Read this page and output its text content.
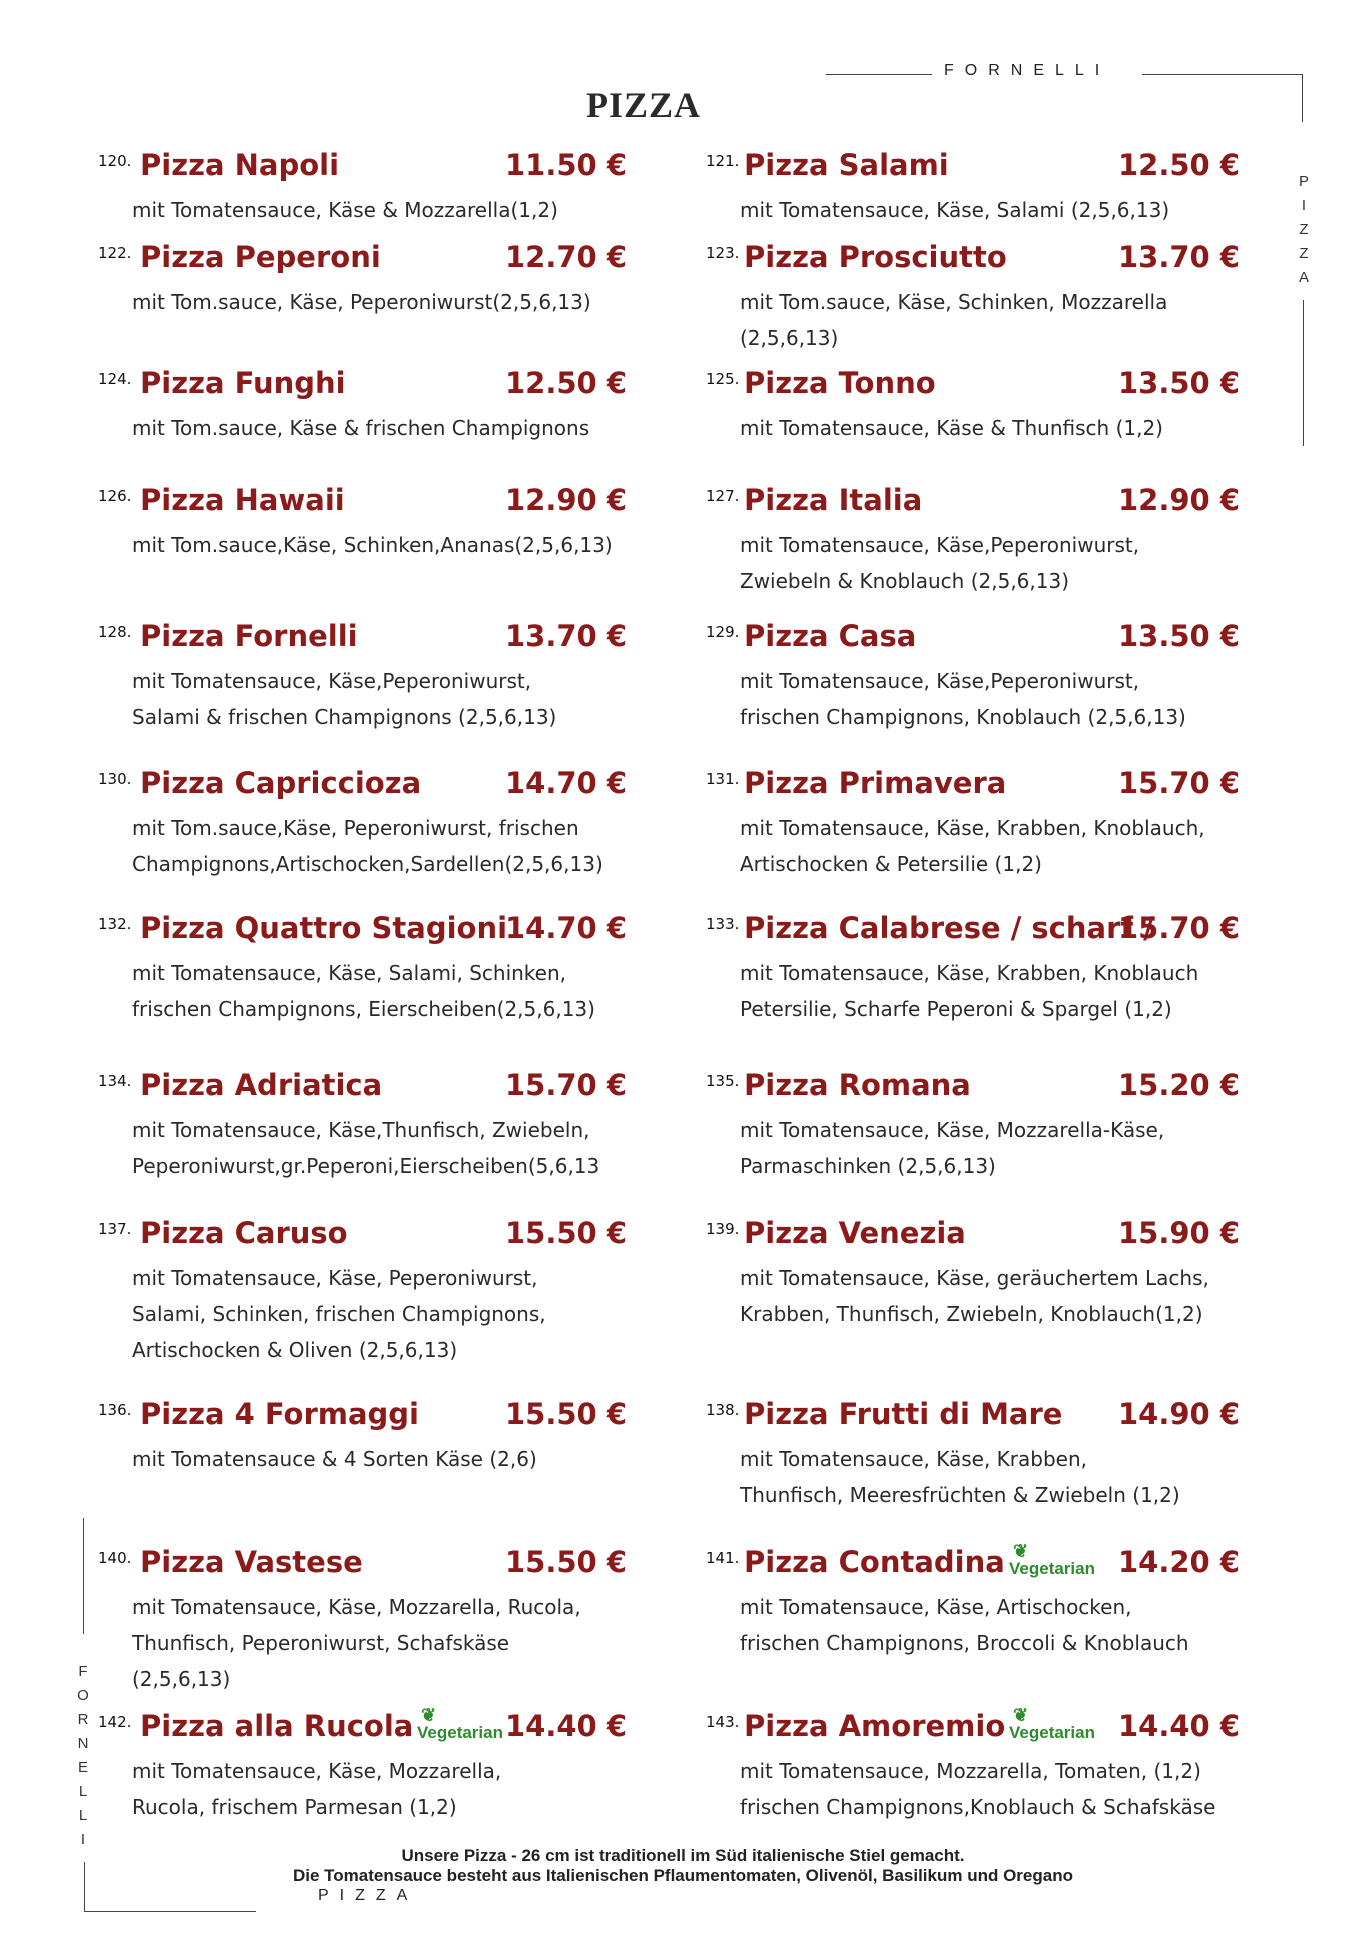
FORNELLI
PIZZA
P
I
Z
Z
A
F
O
R
N
E
L
L
I
PIZZA
120. Pizza Napoli	11.50 €
mit Tomatensauce, Käse & Mozzarella(1,2)
121. Pizza Salami	12.50 €
mit Tomatensauce, Käse, Salami (2,5,6,13)
122. Pizza Peperoni	12.70 €
mit Tom.sauce, Käse, Peperoniwurst(2,5,6,13)
123. Pizza Prosciutto	13.70 €
mit Tom.sauce, Käse, Schinken, Mozzarella
(2,5,6,13)
124. Pizza Funghi	12.50 €
mit Tom.sauce, Käse & frischen Champignons
125. Pizza Tonno	13.50 €
mit Tomatensauce, Käse & Thunfisch (1,2)
126. Pizza Hawaii	12.90 €
mit Tom.sauce,Käse, Schinken,Ananas(2,5,6,13)
127. Pizza Italia	12.90 €
mit Tomatensauce, Käse,Peperoniwurst,
Zwiebeln & Knoblauch (2,5,6,13)
128. Pizza Fornelli	13.70 €
mit Tomatensauce, Käse,Peperoniwurst,
Salami & frischen Champignons (2,5,6,13)
129. Pizza Casa	13.50 €
mit Tomatensauce, Käse,Peperoniwurst,
frischen Champignons, Knoblauch (2,5,6,13)
130. Pizza Capriccioza	14.70 €
mit Tom.sauce,Käse, Peperoniwurst, frischen
Champignons,Artischocken,Sardellen(2,5,6,13)
131. Pizza Primavera	15.70 €
mit Tomatensauce, Käse, Krabben, Knoblauch,
Artischocken & Petersilie (1,2)
132. Pizza Quattro Stagioni
14.70 €
mit Tomatensauce, Käse, Salami, Schinken,
frischen Champignons, Eierscheiben(2,5,6,13)
133. Pizza Calabrese / scharf /
15.70 €
mit Tomatensauce, Käse, Krabben, Knoblauch
Petersilie, Scharfe Peperoni & Spargel (1,2)
134. Pizza Adriatica	15.70 €
mit Tomatensauce, Käse,Thunfisch, Zwiebeln,
Peperoniwurst,gr.Peperoni,Eierscheiben(5,6,13
135. Pizza Romana	15.20 €
mit Tomatensauce, Käse, Mozzarella-Käse,
Parmaschinken (2,5,6,13)
137. Pizza Caruso	15.50 €
mit Tomatensauce, Käse, Peperoniwurst,
Salami, Schinken, frischen Champignons,
Artischocken & Oliven (2,5,6,13)
139. Pizza Venezia	15.90 €
mit Tomatensauce, Käse, geräuchertem Lachs,
Krabben, Thunfisch, Zwiebeln, Knoblauch(1,2)
136. Pizza 4 Formaggi	15.50 €
mit Tomatensauce & 4 Sorten Käse (2,6)
138. Pizza Frutti di Mare 14.90 €
mit Tomatensauce, Käse, Krabben,
Thunfisch, Meeresfrüchten & Zwiebeln (1,2)
140. Pizza Vastese	15.50 €
mit Tomatensauce, Käse, Mozzarella, Rucola,
Thunfisch, Peperoniwurst, Schafskäse
(2,5,6,13)
141. Pizza Contadina ❦
Vegetarian 14.20 €
mit Tomatensauce, Käse, Artischocken,
frischen Champignons, Broccoli & Knoblauch
142. Pizza alla Rucola ❦
Vegetarian 14.40 €
mit Tomatensauce, Käse, Mozzarella,
Rucola, frischem Parmesan (1,2)
143. Pizza Amoremio ❦
Vegetarian 14.40 €
mit Tomatensauce, Mozzarella, Tomaten, (1,2)
frischen Champignons,Knoblauch & Schafskäse
Unsere Pizza - 26 cm ist traditionell im Süd italienische Stiel gemacht.
Die Tomatensauce besteht aus Italienischen Pflaumentomaten, Olivenöl, Basilikum und Oregano
